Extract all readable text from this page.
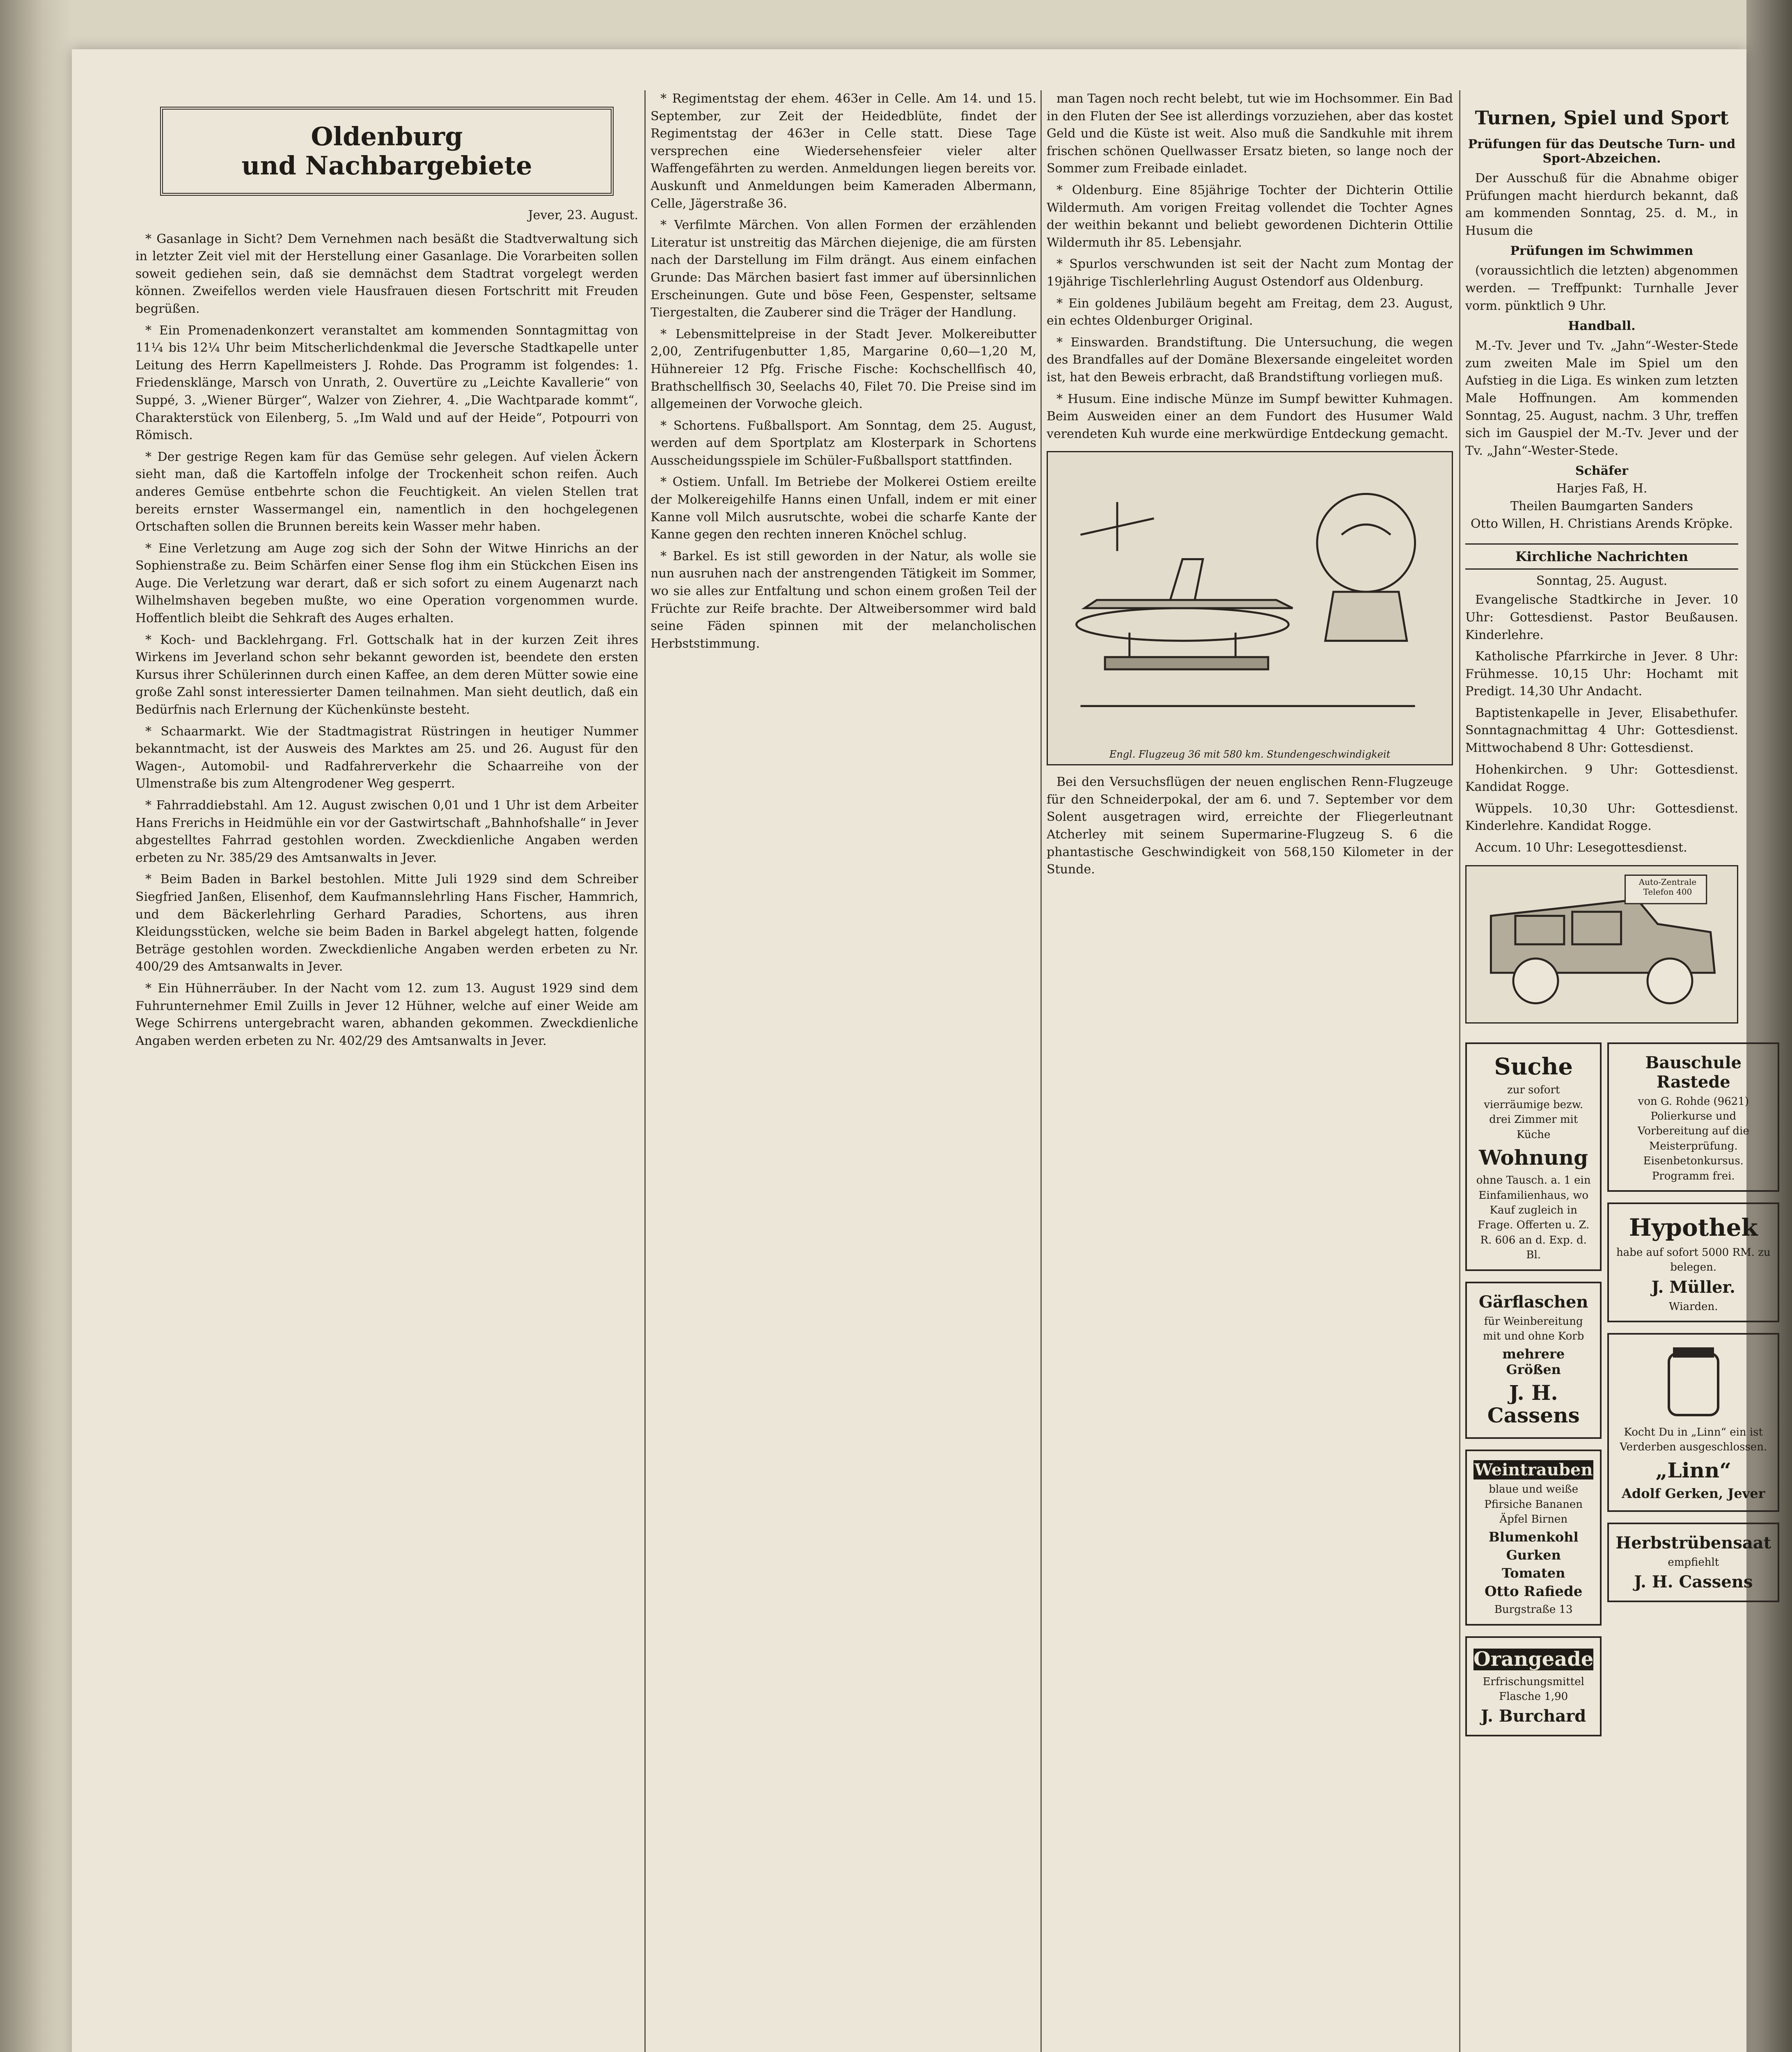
Oldenburg
und Nachbargebiete
Jever, 23. August.

* Gasanlage in Sicht? Dem Vernehmen nach besäßt die Stadtverwaltung sich in letzter Zeit viel mit der Herstellung einer Gasanlage. Die Vorarbeiten sollen soweit gediehen sein, daß sie demnächst dem Stadtrat vorgelegt werden können. Zweifellos werden viele Hausfrauen diesen Fortschritt mit Freuden begrüßen.

* Ein Promenadenkonzert veranstaltet am kommenden Sonntagmittag von 11¼ bis 12¼ Uhr beim Mitscherlichdenkmal die Jeversche Stadtkapelle unter Leitung des Herrn Kapellmeisters J. Rohde. Das Programm ist folgendes: 1. Friedensklänge, Marsch von Unrath, 2. Ouvertüre zu „Leichte Kavallerie“ von Suppé, 3. „Wiener Bürger“, Walzer von Ziehrer, 4. „Die Wachtparade kommt“, Charakterstück von Eilenberg, 5. „Im Wald und auf der Heide“, Potpourri von Römisch.

* Der gestrige Regen kam für das Gemüse sehr gelegen. Auf vielen Äckern sieht man, daß die Kartoffeln infolge der Trockenheit schon reifen. Auch anderes Gemüse entbehrte schon die Feuchtigkeit. An vielen Stellen trat bereits ernster Wassermangel ein, namentlich in den hochgelegenen Ortschaften sollen die Brunnen bereits kein Wasser mehr haben.

* Eine Verletzung am Auge zog sich der Sohn der Witwe Hinrichs an der Sophienstraße zu. Beim Schärfen einer Sense flog ihm ein Stückchen Eisen ins Auge. Die Verletzung war derart, daß er sich sofort zu einem Augenarzt nach Wilhelmshaven begeben mußte, wo eine Operation vorgenommen wurde. Hoffentlich bleibt die Sehkraft des Auges erhalten.

* Koch- und Backlehrgang. Frl. Gottschalk hat in der kurzen Zeit ihres Wirkens im Jeverland schon sehr bekannt geworden ist, beendete den ersten Kursus ihrer Schülerinnen durch einen Kaffee, an dem deren Mütter sowie eine große Zahl sonst interessierter Damen teilnahmen. Man sieht deutlich, daß ein Bedürfnis nach Erlernung der Küchenkünste besteht.

* Schaarmarkt. Wie der Stadtmagistrat Rüstringen in heutiger Nummer bekanntmacht, ist der Ausweis des Marktes am 25. und 26. August für den Wagen-, Automobil- und Radfahrerverkehr die Schaarreihe von der Ulmenstraße bis zum Altengrodener Weg gesperrt.

* Fahrraddiebstahl. Am 12. August zwischen 0,01 und 1 Uhr ist dem Arbeiter Hans Frerichs in Heidmühle ein vor der Gastwirtschaft „Bahnhofshalle“ in Jever abgestelltes Fahrrad gestohlen worden. Zweckdienliche Angaben werden erbeten zu Nr. 385/29 des Amtsanwalts in Jever.

* Beim Baden in Barkel bestohlen. Mitte Juli 1929 sind dem Schreiber Siegfried Janßen, Elisenhof, dem Kaufmannslehrling Hans Fischer, Hammrich, und dem Bäckerlehrling Gerhard Paradies, Schortens, aus ihren Kleidungsstücken, welche sie beim Baden in Barkel abgelegt hatten, folgende Beträge gestohlen worden. Zweckdienliche Angaben werden erbeten zu Nr. 400/29 des Amtsanwalts in Jever.

* Ein Hühnerräuber. In der Nacht vom 12. zum 13. August 1929 sind dem Fuhrunternehmer Emil Zuills in Jever 12 Hühner, welche auf einer Weide am Wege Schirrens untergebracht waren, abhanden gekommen. Zweckdienliche Angaben werden erbeten zu Nr. 402/29 des Amtsanwalts in Jever.

* Regimentstag der ehem. 463er in Celle. Am 14. und 15. September, zur Zeit der Heidedblüte, findet der Regimentstag der 463er in Celle statt. Diese Tage versprechen eine Wiedersehensfeier vieler alter Waffengefährten zu werden. Anmeldungen liegen bereits vor. Auskunft und Anmeldungen beim Kameraden Albermann, Celle, Jägerstraße 36.

* Verfilmte Märchen. Von allen Formen der erzählenden Literatur ist unstreitig das Märchen diejenige, die am fürsten nach der Darstellung im Film drängt. Aus einem einfachen Grunde: Das Märchen basiert fast immer auf übersinnlichen Erscheinungen. Gute und böse Feen, Gespenster, seltsame Tiergestalten, die Zauberer sind die Träger der Handlung.

* Lebensmittelpreise in der Stadt Jever. Molkereibutter 2,00, Zentrifugenbutter 1,85, Margarine 0,60—1,20 M, Hühnereier 12 Pfg. Frische Fische: Kochschellfisch 40, Brathschellfisch 30, Seelachs 40, Filet 70. Die Preise sind im allgemeinen der Vorwoche gleich.

* Schortens. Fußballsport. Am Sonntag, dem 25. August, werden auf dem Sportplatz am Klosterpark in Schortens Ausscheidungsspiele im Schüler-Fußballsport stattfinden.

* Ostiem. Unfall. Im Betriebe der Molkerei Ostiem ereilte der Molkereigehilfe Hanns einen Unfall, indem er mit einer Kanne voll Milch ausrutschte, wobei die scharfe Kante der Kanne gegen den rechten inneren Knöchel schlug.

* Barkel. Es ist still geworden in der Natur, als wolle sie nun ausruhen nach der anstrengenden Tätigkeit im Sommer, wo sie alles zur Entfaltung und schon einem großen Teil der Früchte zur Reife brachte. Der Altweibersommer wird bald seine Fäden spinnen mit der melancholischen Herbststimmung.

man Tagen noch recht belebt, tut wie im Hochsommer. Ein Bad in den Fluten der See ist allerdings vorzuziehen, aber das kostet Geld und die Küste ist weit. Also muß die Sandkuhle mit ihrem frischen schönen Quellwasser Ersatz bieten, so lange noch der Sommer zum Freibade einladet.

* Oldenburg. Eine 85jährige Tochter der Dichterin Ottilie Wildermuth. Am vorigen Freitag vollendet die Tochter Agnes der weithin bekannt und beliebt gewordenen Dichterin Ottilie Wildermuth ihr 85. Lebensjahr.

* Spurlos verschwunden ist seit der Nacht zum Montag der 19jährige Tischlerlehrling August Ostendorf aus Oldenburg.

* Ein goldenes Jubiläum begeht am Freitag, dem 23. August, ein echtes Oldenburger Original.

* Einswarden. Brandstiftung. Die Untersuchung, die wegen des Brandfalles auf der Domäne Blexersande eingeleitet worden ist, hat den Beweis erbracht, daß Brandstiftung vorliegen muß.

* Husum. Eine indische Münze im Sumpf bewitter Kuhmagen. Beim Ausweiden einer an dem Fundort des Husumer Wald verendeten Kuh wurde eine merkwürdige Entdeckung gemacht.

Engl. Flugzeug 36 mit 580 km. Stundengeschwindigkeit

Bei den Versuchsflügen der neuen englischen Renn-Flugzeuge für den Schneiderpokal, der am 6. und 7. September vor dem Solent ausgetragen wird, erreichte der Fliegerleutnant Atcherley mit seinem Supermarine-Flugzeug S. 6 die phantastische Geschwindigkeit von 568,150 Kilometer in der Stunde.

Turnen, Spiel und Sport
Prüfungen für das Deutsche Turn- und Sport-Abzeichen.

Der Ausschuß für die Abnahme obiger Prüfungen macht hierdurch bekannt, daß am kommenden Sonntag, 25. d. M., in Husum die

Prüfungen im Schwimmen

(voraussichtlich die letzten) abgenommen werden. — Treffpunkt: Turnhalle Jever vorm. pünktlich 9 Uhr.

Handball.

M.-Tv. Jever und Tv. „Jahn“-Wester-Stede zum zweiten Male im Spiel um den Aufstieg in die Liga. Es winken zum letzten Male Hoffnungen. Am kommenden Sonntag, 25. August, nachm. 3 Uhr, treffen sich im Gauspiel der M.-Tv. Jever und der Tv. „Jahn“-Wester-Stede.

Schäfer
Harjes Faß, H.
Theilen Baumgarten Sanders
Otto Willen, H. Christians Arends Kröpke.
Kirchliche Nachrichten
Sonntag, 25. August.

Evangelische Stadtkirche in Jever. 10 Uhr: Gottesdienst. Pastor Beußausen. Kinderlehre.

Katholische Pfarrkirche in Jever. 8 Uhr: Frühmesse. 10,15 Uhr: Hochamt mit Predigt. 14,30 Uhr Andacht.

Baptistenkapelle in Jever, Elisabethufer. Sonntagnachmittag 4 Uhr: Gottesdienst. Mittwochabend 8 Uhr: Gottesdienst.

Hohenkirchen. 9 Uhr: Gottesdienst. Kandidat Rogge.

Wüppels. 10,30 Uhr: Gottesdienst. Kinderlehre. Kandidat Rogge.

Accum. 10 Uhr: Lesegottesdienst.

Auto-Zentrale Telefon 400
Suche
zur sofort vierräumige bezw. drei Zimmer mit Küche
Wohnung
ohne Tausch. a. 1 ein Einfamilienhaus, wo Kauf zugleich in Frage. Offerten u. Z. R. 606 an d. Exp. d. Bl.
Gärflaschen
für Weinbereitung mit und ohne Korb
mehrere Größen
J. H. Cassens
Weintrauben
blaue und weiße Pfirsiche Bananen Äpfel Birnen
Blumenkohl
Gurken
Tomaten
Otto Rafiede
Burgstraße 13
Orangeade
Erfrischungsmittel Flasche 1,90
J. Burchard
Bauschule Rastede
von G. Rohde (9621) Polierkurse und Vorbereitung auf die Meisterprüfung. Eisenbetonkursus. Programm frei.
Hypothek
habe auf sofort 5000 RM. zu belegen.
J. Müller.
Wiarden.
Kocht Du in „Linn“ ein ist Verderben ausgeschlossen.
„Linn“
Adolf Gerken, Jever
Herbstrübensaat
empfiehlt
J. H. Cassens
